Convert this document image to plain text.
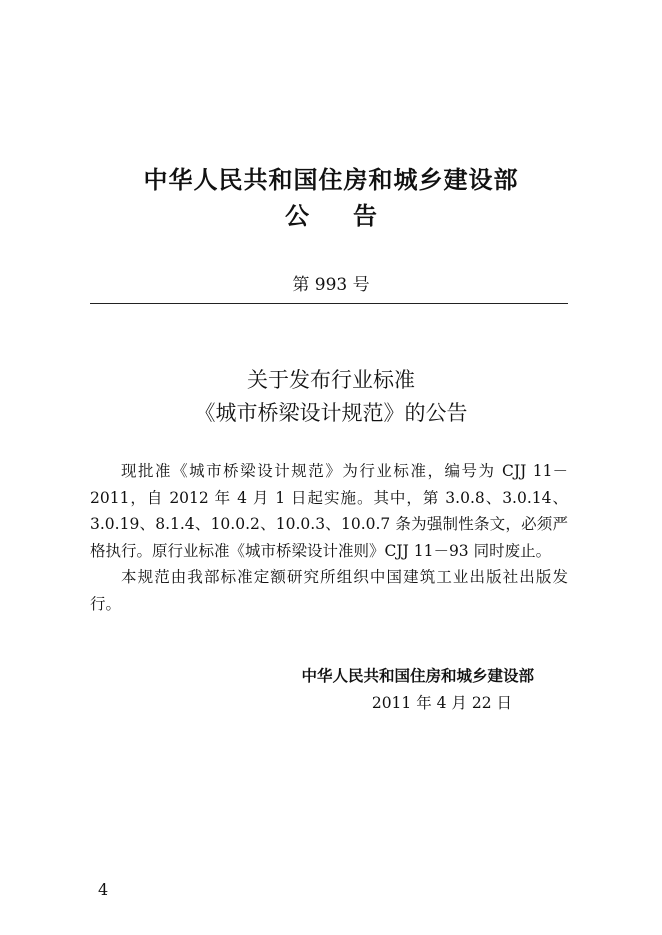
中华人民共和国住房和城乡建设部
公告
第 993 号
关于发布行业标准
《城市桥梁设计规范》的公告

现批准《城市桥梁设计规范》为行业标准，编号为 CJJ 11－2011，自 2012 年 4 月 1 日起实施。其中，第 3.0.8、3.0.14、3.0.19、8.1.4、10.0.2、10.0.3、10.0.7 条为强制性条文，必须严格执行。原行业标准《城市桥梁设计准则》CJJ 11－93 同时废止。

本规范由我部标准定额研究所组织中国建筑工业出版社出版发行。

中华人民共和国住房和城乡建设部
2011 年 4 月 22 日
4
